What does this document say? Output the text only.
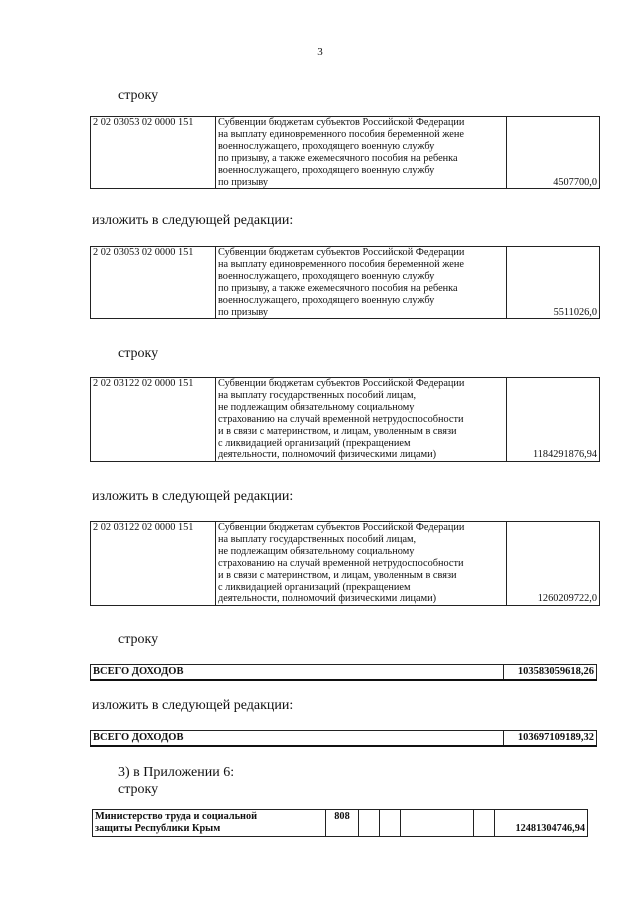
3
строку
2 02 03053 02 0000 151	Субвенции бюджетам субъектов Российской Федерации
на выплату единовременного пособия беременной жене
военнослужащего, проходящего военную службу
по призыву, а также ежемесячного пособия на ребенка
военнослужащего, проходящего военную службу
по призыву	4507700,0
изложить в следующей редакции:
2 02 03053 02 0000 151	Субвенции бюджетам субъектов Российской Федерации
на выплату единовременного пособия беременной жене
военнослужащего, проходящего военную службу
по призыву, а также ежемесячного пособия на ребенка
военнослужащего, проходящего военную службу
по призыву	5511026,0
строку
2 02 03122 02 0000 151	Субвенции бюджетам субъектов Российской Федерации
на выплату государственных пособий лицам,
не подлежащим обязательному социальному
страхованию на случай временной нетрудоспособности
и в связи с материнством, и лицам, уволенным в связи
с ликвидацией организаций (прекращением
деятельности, полномочий физическими лицами)	1184291876,94
изложить в следующей редакции:
2 02 03122 02 0000 151	Субвенции бюджетам субъектов Российской Федерации
на выплату государственных пособий лицам,
не подлежащим обязательному социальному
страхованию на случай временной нетрудоспособности
и в связи с материнством, и лицам, уволенным в связи
с ликвидацией организаций (прекращением
деятельности, полномочий физическими лицами)	1260209722,0
строку
ВСЕГО ДОХОДОВ	103583059618,26
изложить в следующей редакции:
ВСЕГО ДОХОДОВ	103697109189,32
3) в Приложении 6:
строку
Министерство труда и социальной
защиты Республики Крым
	808					12481304746,94
